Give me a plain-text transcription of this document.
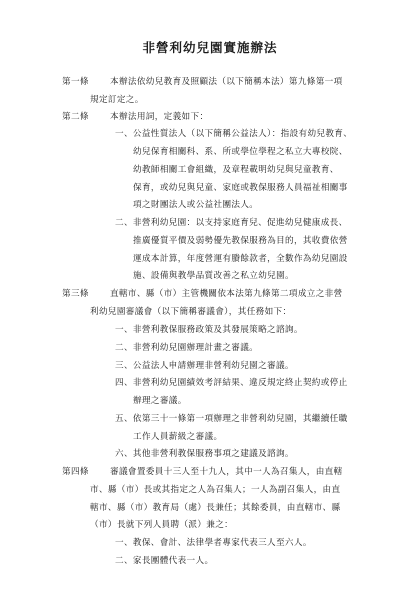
非營利幼兒園實施辦法
第一條 本辦法依幼兒教育及照顧法（以下簡稱本法）第九條第一項
規定訂定之。
第二條 本辦法用詞，定義如下：
一、公益性質法人（以下簡稱公益法人）：指設有幼兒教育、
幼兒保育相關科、系、所或學位學程之私立大專校院、
幼教師相關工會組織，及章程載明幼兒與兒童教育、
保育，或幼兒與兒童、家庭或教保服務人員福祉相關事
項之財團法人或公益社團法人。
二、非營利幼兒園：以支持家庭育兒、促進幼兒健康成長、
推廣優質平價及弱勢優先教保服務為目的，其收費依營
運成本計算，年度營運有賸餘款者，全數作為幼兒園設
施、設備與教學品質改善之私立幼兒園。
第三條 直轄市、縣（市）主管機關依本法第九條第二項成立之非營
利幼兒園審議會（以下簡稱審議會），其任務如下：
一、非營利教保服務政策及其發展策略之諮詢。
二、非營利幼兒園辦理計畫之審議。
三、公益法人申請辦理非營利幼兒園之審議。
四、非營利幼兒園績效考評結果、違反規定終止契約或停止
辦理之審議。
五、依第三十一條第一項辦理之非營利幼兒園，其繼續任職
工作人員薪級之審議。
六、其他非營利教保服務事項之建議及諮詢。
第四條 審議會置委員十三人至十九人，其中一人為召集人，由直轄
市、縣（市）長或其指定之人為召集人；一人為副召集人，由直
轄市、縣（市）教育局（處）長兼任；其餘委員，由直轄市、縣
（市）長就下列人員聘（派）兼之：
一、教保、會計、法律學者專家代表三人至六人。
二、家長團體代表一人。
